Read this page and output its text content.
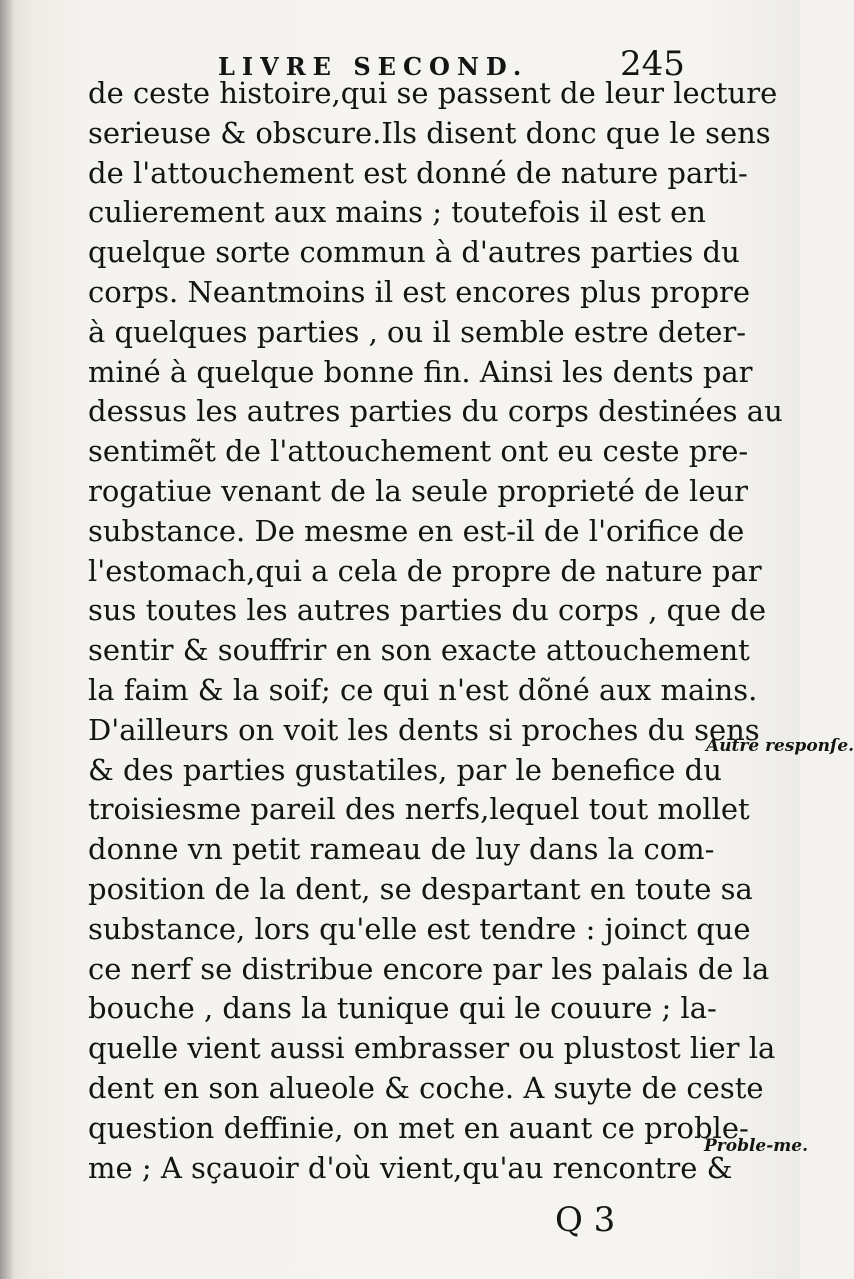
LIVRE SECOND.	245
de ceste histoire,qui se passent de leur lecture
serieuse & obscure.Ils disent donc que le sens
de l'attouchement est donné de nature parti-
culierement aux mains ; toutefois il est en
quelque sorte commun à d'autres parties du
corps. Neantmoins il est encores plus propre
à quelques parties , ou il semble estre deter-
miné à quelque bonne fin. Ainsi les dents par
dessus les autres parties du corps destinées au
sentimẽt de l'attouchement ont eu ceste pre-
rogatiue venant de la seule proprieté de leur
substance. De mesme en est-il de l'orifice de
l'estomach,qui a cela de propre de nature par
sus toutes les autres parties du corps , que de
sentir & souffrir en son exacte attouchement
la faim & la soif; ce qui n'est dõné aux mains.
D'ailleurs on voit les dents si proches du sens
& des parties gustatiles, par le benefice du
troisiesme pareil des nerfs,lequel tout mollet
donne vn petit rameau de luy dans la com-
position de la dent, se despartant en toute sa
substance, lors qu'elle est tendre : joinct que
ce nerf se distribue encore par les palais de la
bouche , dans la tunique qui le couure ; la-
quelle vient aussi embrasser ou plustost lier la
dent en son alueole & coche. A suyte de ceste
question deffinie, on met en auant ce proble-
me ; A sçauoir d'où vient,qu'au rencontre &
Autre responſe.
Proble-me.
Q 3
